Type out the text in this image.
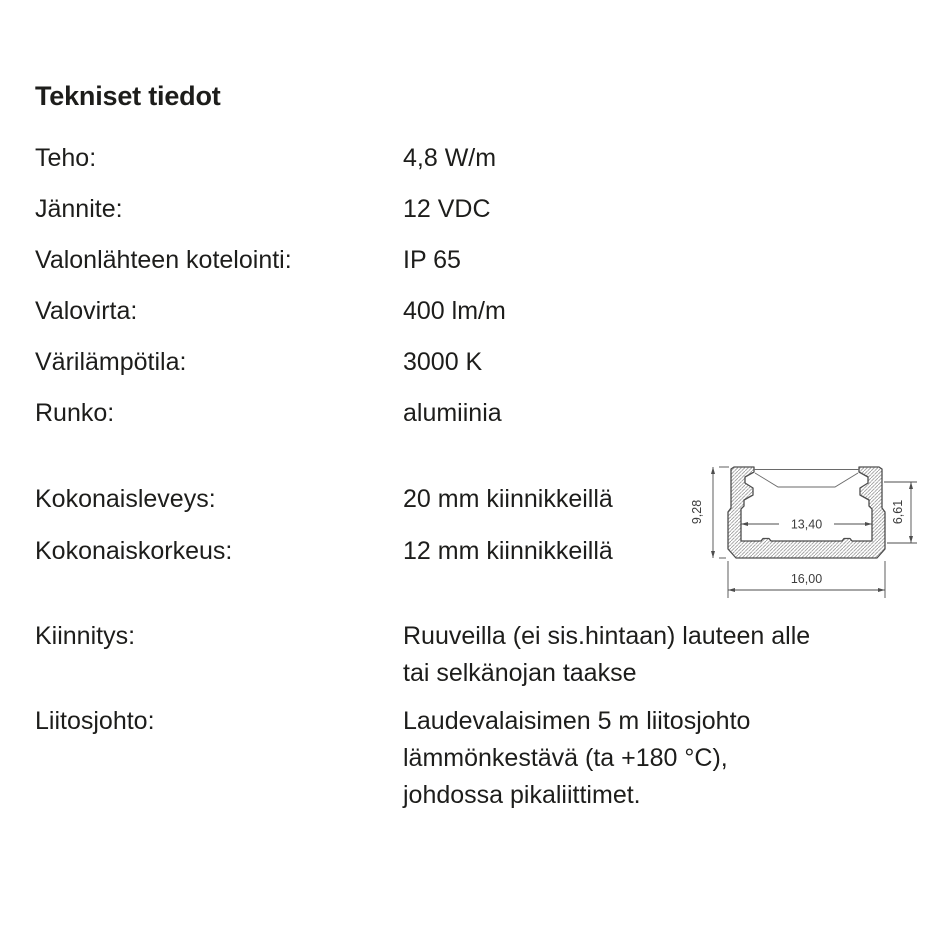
Tekniset tiedot
Teho:	4,8 W/m
Jännite:	12 VDC
Valonlähteen kotelointi:	IP 65
Valovirta:	400 lm/m
Värilämpötila:	3000 K
Runko:	alumiinia
Kokonaisleveys:	20 mm kiinnikkeillä
Kokonaiskorkeus:	12 mm kiinnikkeillä
Kiinnitys:	Ruuveilla (ei sis.hintaan) lauteen alle
tai selkänojan taakse
Liitosjohto:	Laudevalaisimen 5 m liitosjohto
lämmönkestävä (ta +180 °C),
johdossa pikaliittimet.
9,28
13,40
6,61
16,00
